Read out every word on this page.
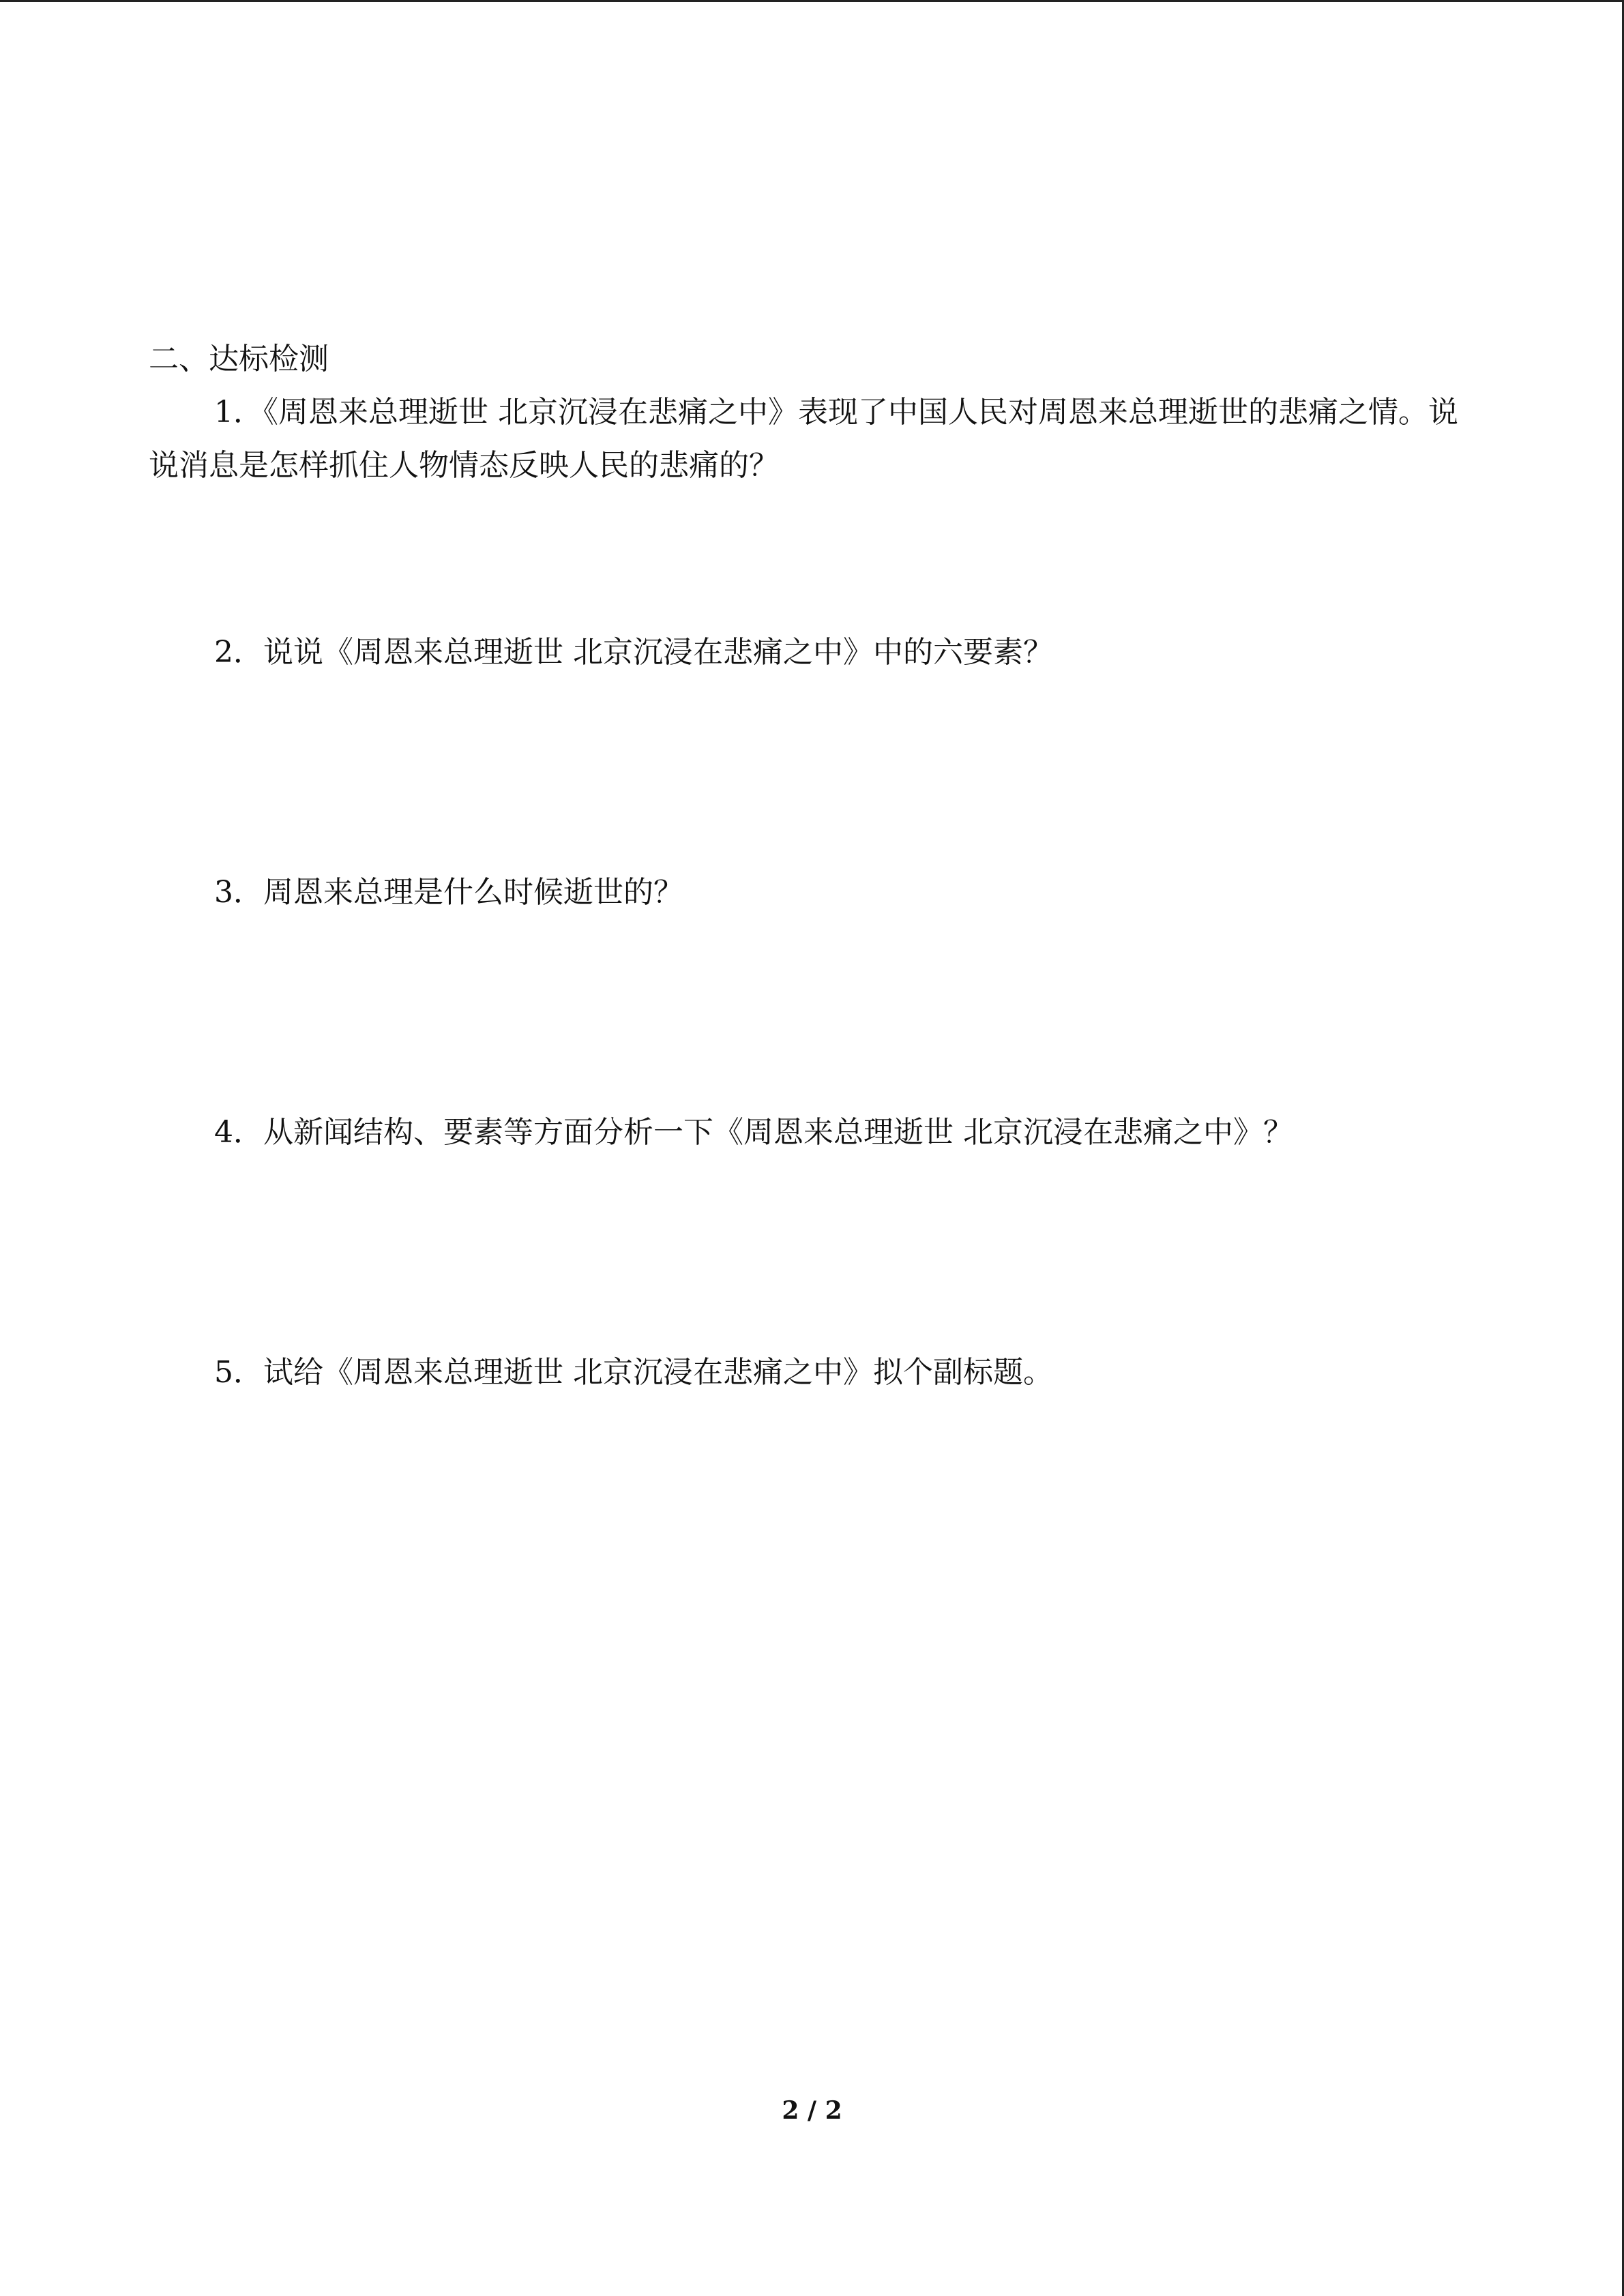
二、达标检测

1．《周恩来总理逝世 北京沉浸在悲痛之中》表现了中国人民对周恩来总理逝世的悲痛之情。说说消息是怎样抓住人物情态反映人民的悲痛的？

2．说说《周恩来总理逝世 北京沉浸在悲痛之中》中的六要素？

3．周恩来总理是什么时候逝世的？

4．从新闻结构、要素等方面分析一下《周恩来总理逝世 北京沉浸在悲痛之中》？

5．试给《周恩来总理逝世 北京沉浸在悲痛之中》拟个副标题。

2 / 2
